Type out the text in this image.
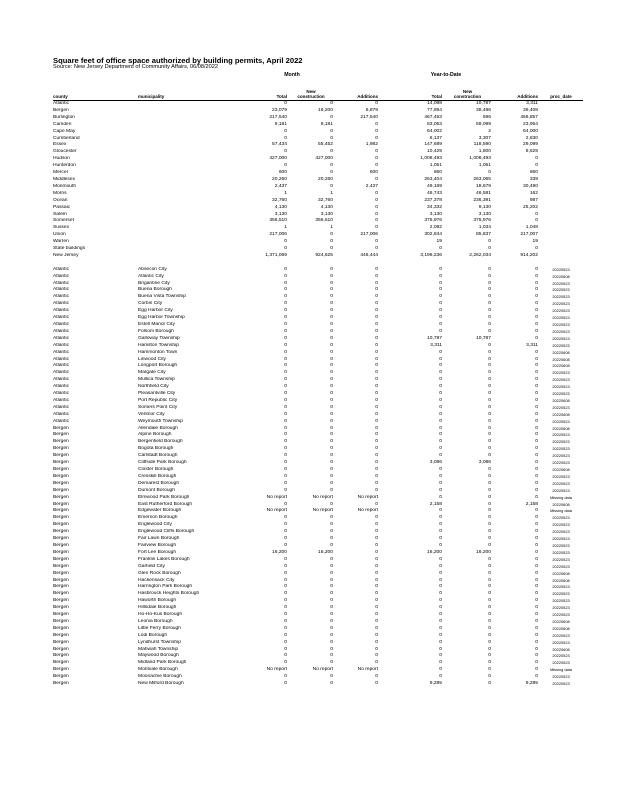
Square feet of office space authorized by building permits, April 2022
Source: New Jersey Department of Community Affairs, 06/08/2022
Month	Year-to-Date
county	municipality	Total	New
construction	Additions		Total	New
construction	Additions	proc_date
Atlantic		0	0	0		14,098	10,787	3,311	
Bergen		23,079	16,200	6,879		77,894	38,486	39,408	
Burlington		217,540	0	217,540		467,453	596	466,857	
Camden		9,181	9,181	0		83,053	59,099	23,954	
Cape May		0	0	0		64,002	2	64,000	
Cumberland		0	0	0		6,137	3,307	2,830	
Essex		57,434	55,452	1,982		147,689	118,590	29,099	
Gloucester		0	0	0		10,429	1,800	8,629	
Hudson		427,000	427,000	0		1,008,493	1,008,493	0	
Hunterdon		0	0	0		1,051	1,051	0	
Mercer		600	0	600		860	0	860	
Middlesex		20,260	20,260	0		263,404	263,065	339	
Monmouth		2,437	0	2,437		49,169	18,679	30,490	
Morris		1	1	0		46,743	46,581	162	
Ocean		32,760	32,760	0		237,378	236,391	987	
Passaic		4,130	4,130	0		34,332	9,130	25,202	
Salem		3,130	3,130	0		3,130	3,130	0	
Somerset		356,510	356,510	0		375,976	375,976	0	
Sussex		1	1	0		2,082	1,034	1,048	
Union		217,006	0	217,006		302,844	85,837	217,007	
Warren		0	0	0		19	0	19	
State buildings		0	0	0		0	0	0	
New Jersey		1,371,069	924,625	446,444		3,196,236	2,262,034	914,202	

Atlantic	Absecon City	0	0	0		0	0	0	20220523
Atlantic	Atlantic City	0	0	0		0	0	0	20220608
Atlantic	Brigantine City	0	0	0		0	0	0	20220523
Atlantic	Buena Borough	0	0	0		0	0	0	20220523
Atlantic	Buena Vista Township	0	0	0		0	0	0	20220523
Atlantic	Corbin City	0	0	0		0	0	0	20220523
Atlantic	Egg Harbor City	0	0	0		0	0	0	20220523
Atlantic	Egg Harbor Township	0	0	0		0	0	0	20220523
Atlantic	Estell Manor City	0	0	0		0	0	0	20220523
Atlantic	Folsom Borough	0	0	0		0	0	0	20220523
Atlantic	Galloway Township	0	0	0		10,787	10,787	0	20220523
Atlantic	Hamilton Township	0	0	0		3,311	0	3,311	20220523
Atlantic	Hammonton Town	0	0	0		0	0	0	20220608
Atlantic	Linwood City	0	0	0		0	0	0	20220608
Atlantic	Longport Borough	0	0	0		0	0	0	20220608
Atlantic	Margate City	0	0	0		0	0	0	20220523
Atlantic	Mullica Township	0	0	0		0	0	0	20220523
Atlantic	Northfield City	0	0	0		0	0	0	20220523
Atlantic	Pleasantville City	0	0	0		0	0	0	20220523
Atlantic	Port Republic City	0	0	0		0	0	0	20220608
Atlantic	Somers Point City	0	0	0		0	0	0	20220523
Atlantic	Ventnor City	0	0	0		0	0	0	20220608
Atlantic	Weymouth Township	0	0	0		0	0	0	20220523
Bergen	Allendale Borough	0	0	0		0	0	0	20220608
Bergen	Alpine Borough	0	0	0		0	0	0	20220523
Bergen	Bergenfield Borough	0	0	0		0	0	0	20220523
Bergen	Bogota Borough	0	0	0		0	0	0	20220523
Bergen	Carlstadt Borough	0	0	0		0	0	0	20220523
Bergen	Cliffside Park Borough	0	0	0		3,086	3,086	0	20220523
Bergen	Closter Borough	0	0	0		0	0	0	20220608
Bergen	Cresskill Borough	0	0	0		0	0	0	20220523
Bergen	Demarest Borough	0	0	0		0	0	0	20220523
Bergen	Dumont Borough	0	0	0		0	0	0	20220523
Bergen	Elmwood Park Borough	No report	No report	No report		0	0	0	Missing data
Bergen	East Rutherford Borough	0	0	0		2,158	0	2,158	20220608
Bergen	Edgewater Borough	No report	No report	No report		0	0	0	Missing data
Bergen	Emerson Borough	0	0	0		0	0	0	20220523
Bergen	Englewood City	0	0	0		0	0	0	20220523
Bergen	Englewood Cliffs Borough	0	0	0		0	0	0	20220523
Bergen	Fair Lawn Borough	0	0	0		0	0	0	20220523
Bergen	Fairview Borough	0	0	0		0	0	0	20220523
Bergen	Fort Lee Borough	16,200	16,200	0		16,200	16,200	0	20220523
Bergen	Franklin Lakes Borough	0	0	0		0	0	0	20220523
Bergen	Garfield City	0	0	0		0	0	0	20220523
Bergen	Glen Rock Borough	0	0	0		0	0	0	20220608
Bergen	Hackensack City	0	0	0		0	0	0	20220608
Bergen	Harrington Park Borough	0	0	0		0	0	0	20220523
Bergen	Hasbrouck Heights Borough	0	0	0		0	0	0	20220523
Bergen	Haworth Borough	0	0	0		0	0	0	20220523
Bergen	Hillsdale Borough	0	0	0		0	0	0	20220523
Bergen	Ho-Ho-Kus Borough	0	0	0		0	0	0	20220523
Bergen	Leonia Borough	0	0	0		0	0	0	20220608
Bergen	Little Ferry Borough	0	0	0		0	0	0	20220608
Bergen	Lodi Borough	0	0	0		0	0	0	20220523
Bergen	Lyndhurst Township	0	0	0		0	0	0	20220523
Bergen	Mahwah Township	0	0	0		0	0	0	20220608
Bergen	Maywood Borough	0	0	0		0	0	0	20220523
Bergen	Midland Park Borough	0	0	0		0	0	0	20220523
Bergen	Montvale Borough	No report	No report	No report		0	0	0	Missing data
Bergen	Moonachie Borough	0	0	0		0	0	0	20220523
Bergen	New Milford Borough	0	0	0		9,285	0	9,285	20220523
